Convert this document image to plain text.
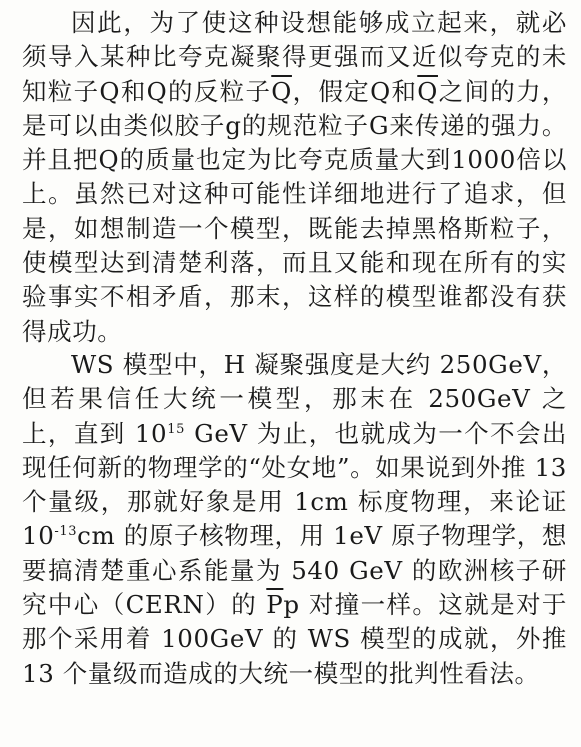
因此，为了使这种设想能够成立起来，就必须导入某种比夸克凝聚得更强而又近似夸克的未知粒子Q和Q的反粒子$\overline{Q}$，假定Q和$\overline{Q}$之间的力，是可以由类似胶子g的规范粒子G来传递的强力。并且把Q的质量也定为比夸克质量大到1000倍以上。虽然已对这种可能性详细地进行了追求，但是，如想制造一个模型，既能去掉黑格斯粒子，使模型达到清楚利落，而且又能和现在所有的实验事实不相矛盾，那末，这样的模型谁都没有获得成功。

WS 模型中，H 凝聚强度是大约 250GeV，但若果信任大统一模型，那末在 250GeV 之上，直到 $10^{15}$ GeV 为止，也就成为一个不会出现任何新的物理学的“处女地”。如果说到外推 13 个量级，那就好象是用 1cm 标度物理，来论证 $10^{-13}cm$ 的原子核物理，用 1eV 原子物理学，想要搞清楚重心系能量为 540 GeV 的欧洲核子研究中心（CERN）的 $\overline{P}p$ 对撞一样。这就是对于那个采用着 100GeV 的 WS 模型的成就，外推 13 个量级而造成的大统一模型的批判性看法。
